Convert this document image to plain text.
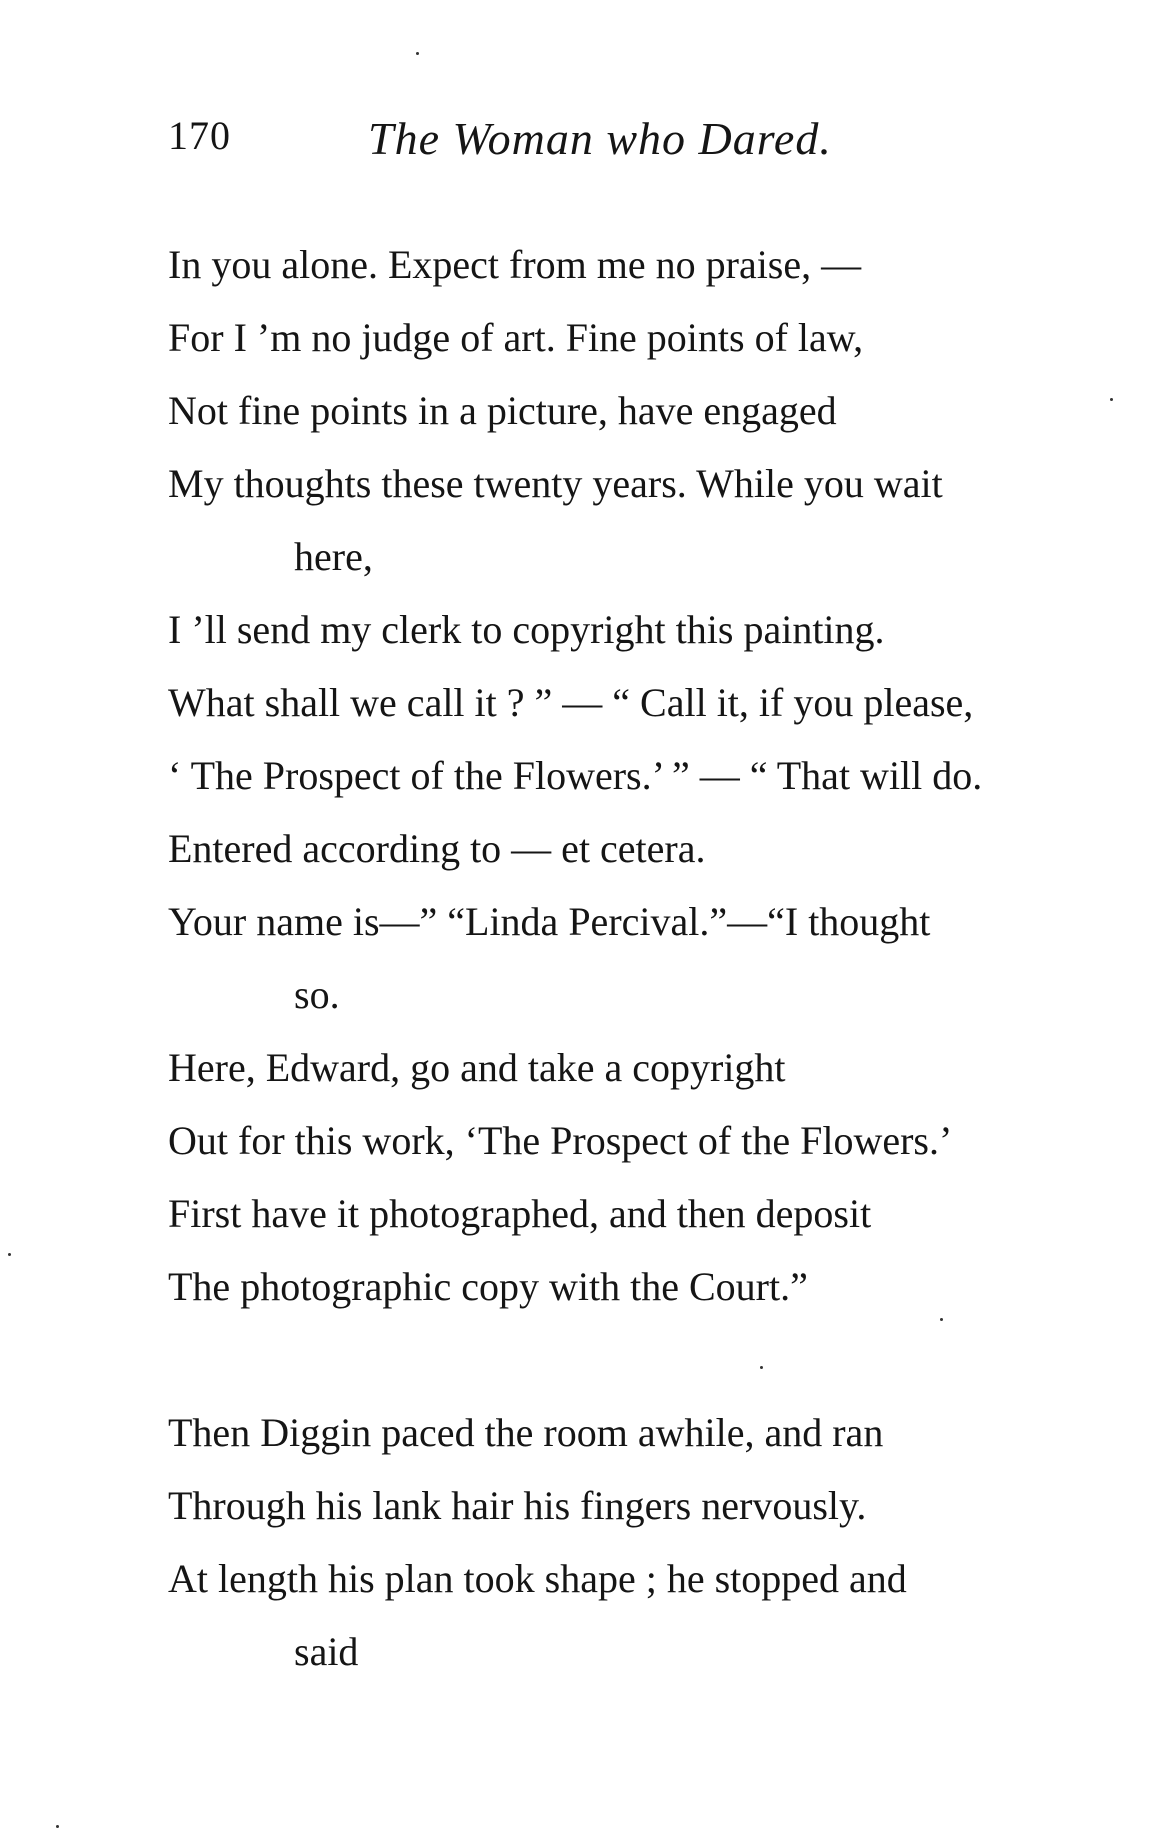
170	The Woman who Dared.
In you alone. Expect from me no praise, —
For I ’m no judge of art. Fine points of law,
Not fine points in a picture, have engaged
My thoughts these twenty years. While you wait
here,
I ’ll send my clerk to copyright this painting.
What shall we call it ? ” — “ Call it, if you please,
‘ The Prospect of the Flowers.’ ” — “ That will do.
Entered according to — et cetera.
Your name is—” “Linda Percival.”—“I thought
so.
Here, Edward, go and take a copyright
Out for this work, ‘The Prospect of the Flowers.’
First have it photographed, and then deposit
The photographic copy with the Court.”
Then Diggin paced the room awhile, and ran
Through his lank hair his fingers nervously.
At length his plan took shape ; he stopped and
said
